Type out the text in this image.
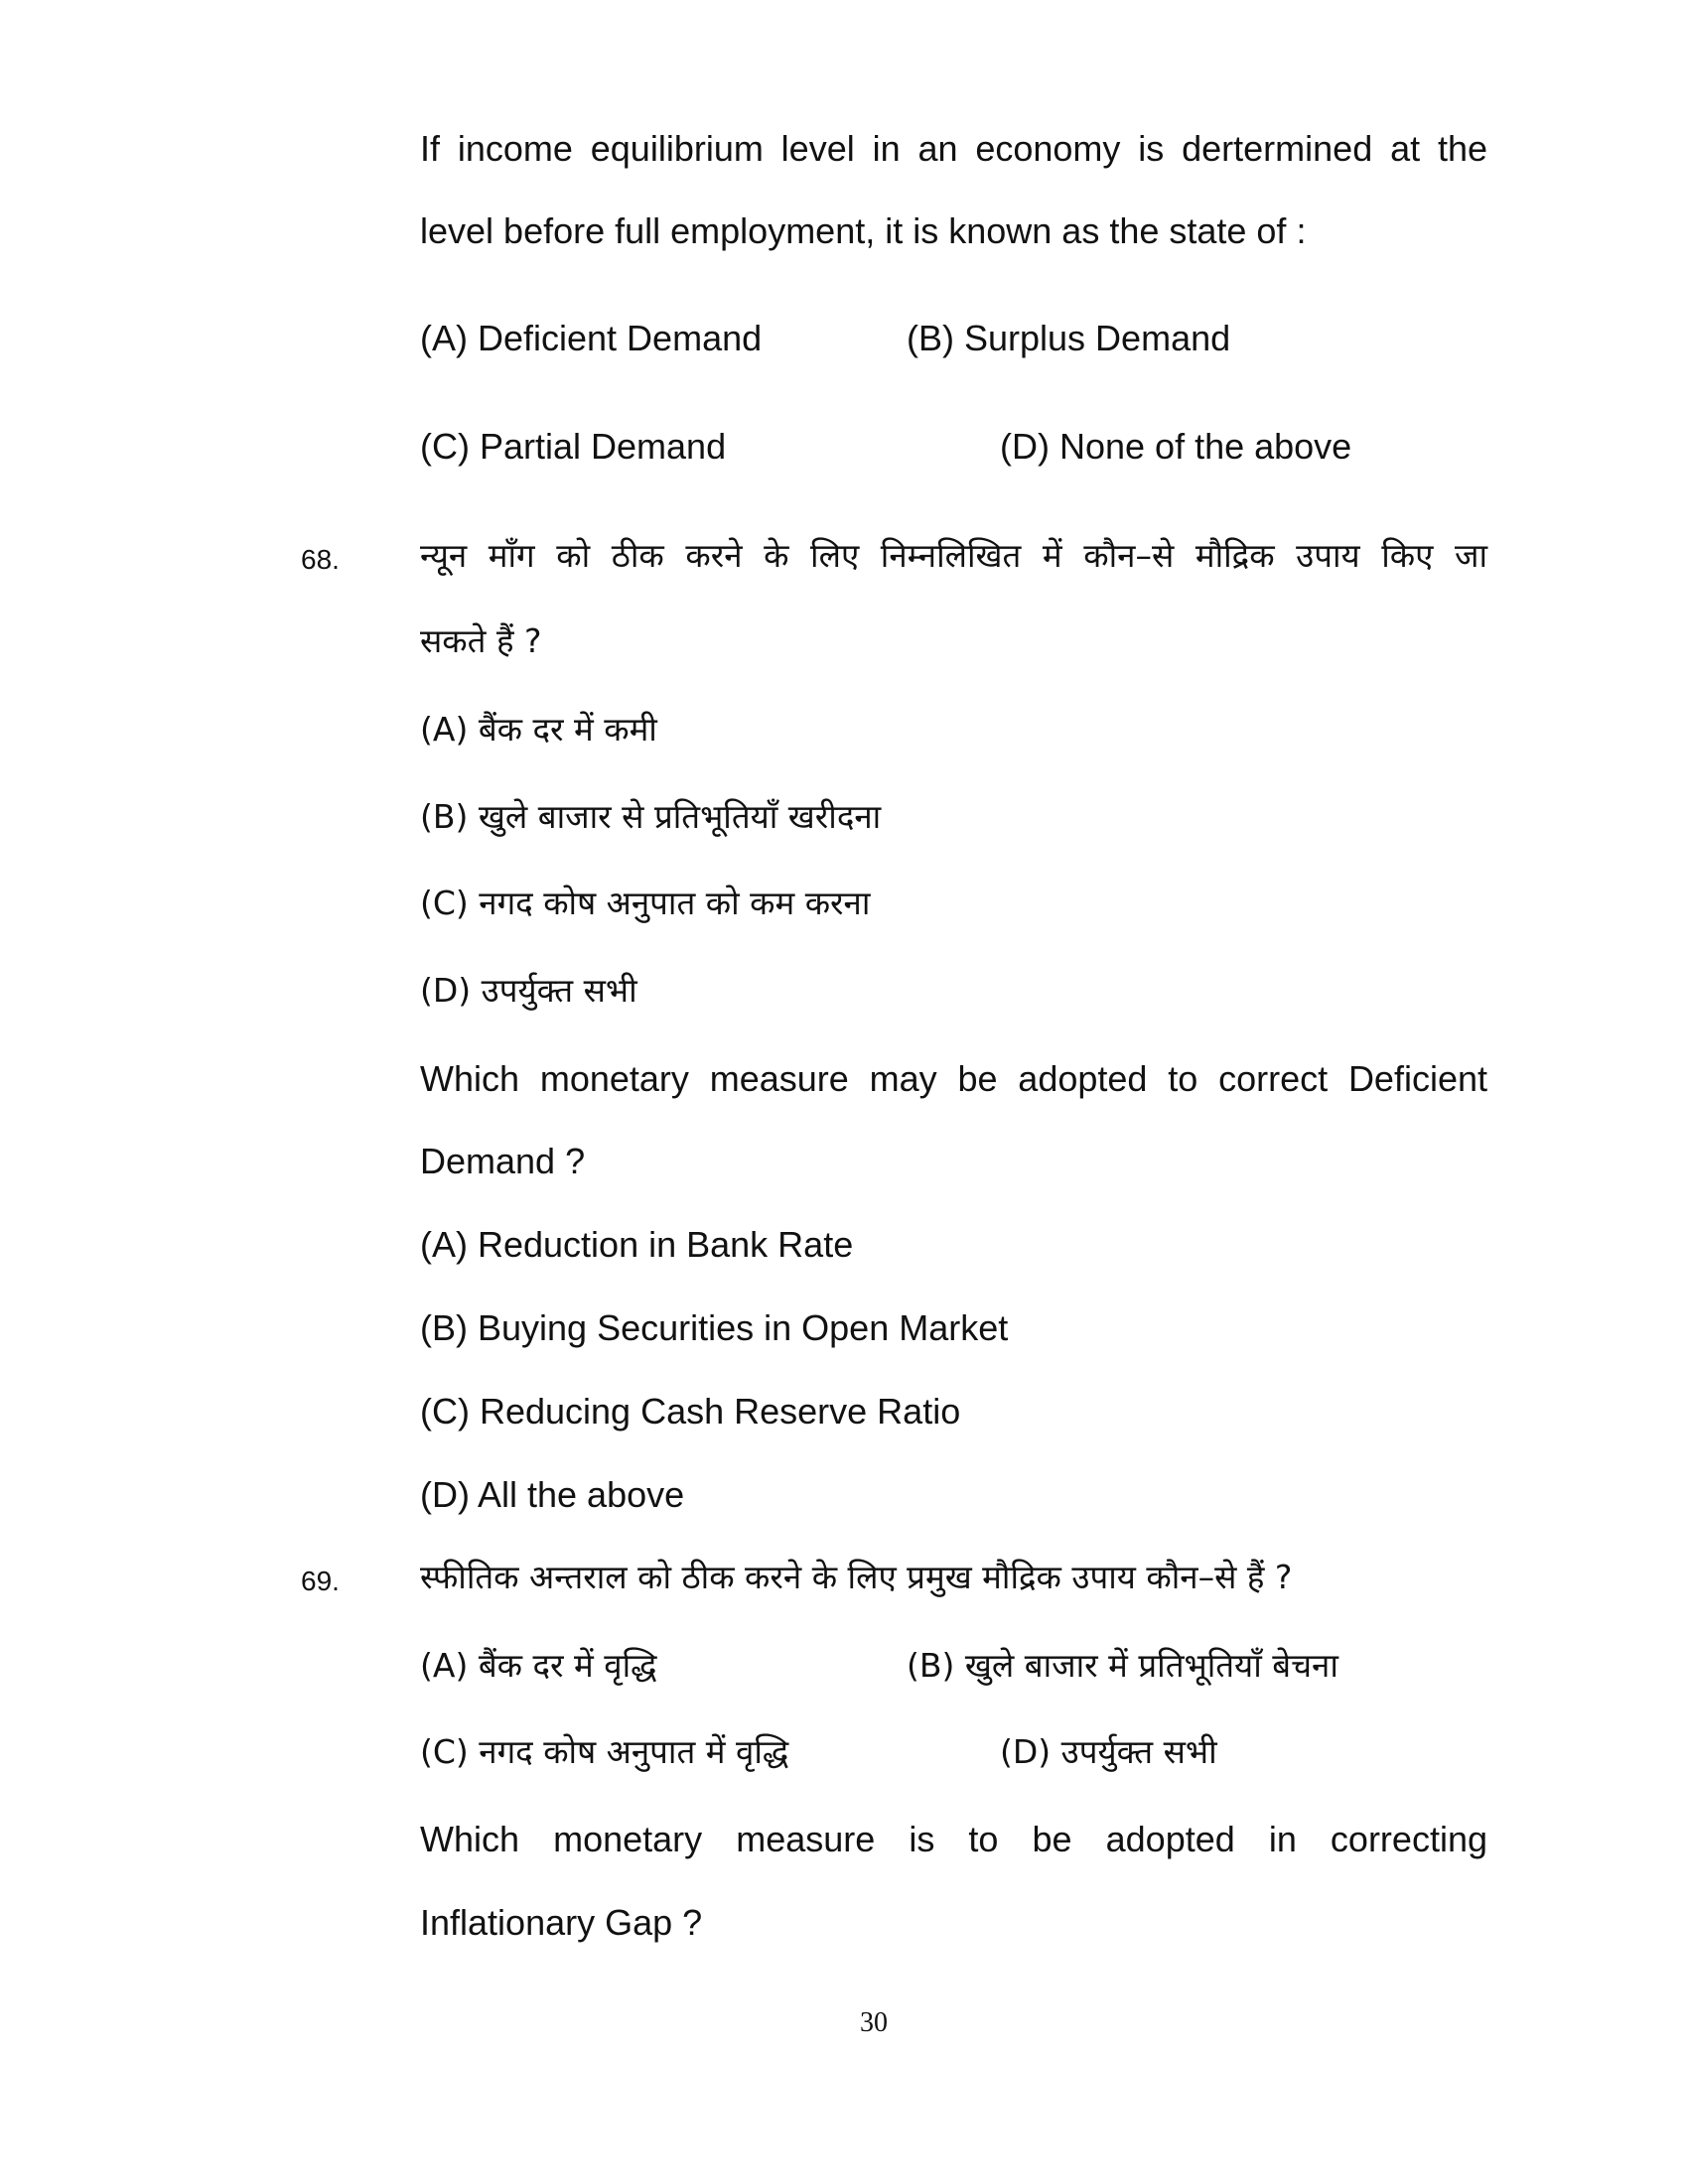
If income equilibrium level in an economy is dertermined at the
level before full employment, it is known as the state of :
(A) Deficient Demand	(B) Surplus Demand
(C) Partial Demand	(D) None of the above
68. न्यून माँग को ठीक करने के लिए निम्नलिखित में कौन–से मौद्रिक उपाय किए जा
सकते हैं ?
(A) बैंक दर में कमी
(B) खुले बाजार से प्रतिभूतियाँ खरीदना
(C) नगद कोष अनुपात को कम करना
(D) उपर्युक्त सभी
Which monetary measure may be adopted to correct Deficient
Demand ?
(A) Reduction in Bank Rate
(B) Buying Securities in Open Market
(C) Reducing Cash Reserve Ratio
(D) All the above
69. स्फीतिक अन्तराल को ठीक करने के लिए प्रमुख मौद्रिक उपाय कौन–से हैं ?
(A) बैंक दर में वृद्धि	(B) खुले बाजार में प्रतिभूतियाँ बेचना
(C) नगद कोष अनुपात में वृद्धि	(D) उपर्युक्त सभी
Which monetary measure is to be adopted in correcting
Inflationary Gap ?
30
